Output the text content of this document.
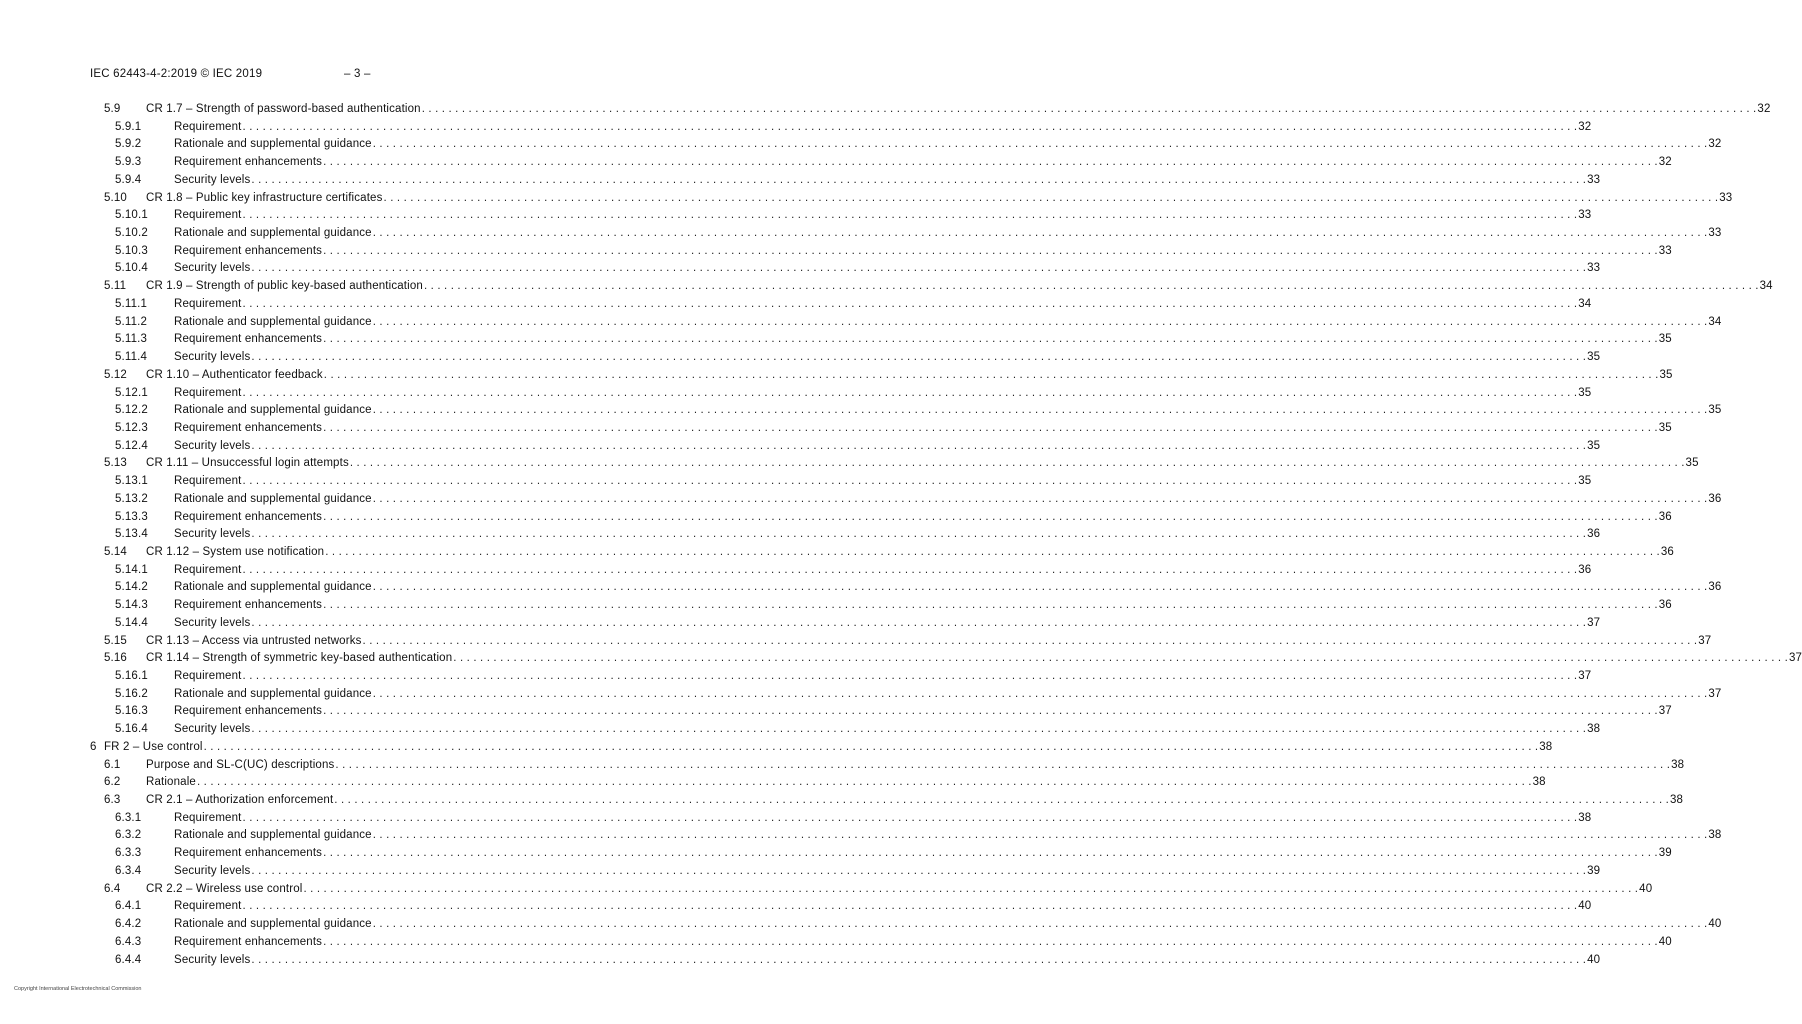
IEC 62443-4-2:2019 © IEC 2019	– 3 –
5.9 CR 1.7 – Strength of password-based authentication . . . . . . . . . . . . . . . . . . . . . . . . . . . . . . . . . . . . . . . . . . . . . . . . . . . . . . . . . . . . . . . . . . . . . . . . . . . . . . . . . . . . . . . . . . . . . . . . . . . . . . . . . . . . . . . . . . . . . . . . . . . . . . . . . . . . . . . . . . . . . . . . . . . . . . . . . . . . . . . . . . . . . . . . . . . . . . . . . . . . . . . . . . . . . . . . . . . . . . . . 32
5.9.1	Requirement . . . . . . . . . . . . . . . . . . . . . . . . . . . . . . . . . . . . . . . . . . . . . . . . . . . . . . . . . . . . . . . . . . . . . . . . . . . . . . . . . . . . . . . . . . . . . . . . . . . . . . . . . . . . . . . . . . . . . . . . . . . . . . . . . . . . . . . . . . . . . . . . . . . . . . . . . . . . . . . . . . . . . . . . . . . . . . . . . . . . . . . . . . . . . . . . . . . . . . . . 32
5.9.2	Rationale and supplemental guidance . . . . . . . . . . . . . . . . . . . . . . . . . . . . . . . . . . . . . . . . . . . . . . . . . . . . . . . . . . . . . . . . . . . . . . . . . . . . . . . . . . . . . . . . . . . . . . . . . . . . . . . . . . . . . . . . . . . . . . . . . . . . . . . . . . . . . . . . . . . . . . . . . . . . . . . . . . . . . . . . . . . . . . . . . . . . . . . . . . . . . . . . . . . . . . . . . . . . . . . . 32
5.9.3	Requirement enhancements . . . . . . . . . . . . . . . . . . . . . . . . . . . . . . . . . . . . . . . . . . . . . . . . . . . . . . . . . . . . . . . . . . . . . . . . . . . . . . . . . . . . . . . . . . . . . . . . . . . . . . . . . . . . . . . . . . . . . . . . . . . . . . . . . . . . . . . . . . . . . . . . . . . . . . . . . . . . . . . . . . . . . . . . . . . . . . . . . . . . . . . . . . . . . . . . . . . . . . . . 32
5.9.4	Security levels . . . . . . . . . . . . . . . . . . . . . . . . . . . . . . . . . . . . . . . . . . . . . . . . . . . . . . . . . . . . . . . . . . . . . . . . . . . . . . . . . . . . . . . . . . . . . . . . . . . . . . . . . . . . . . . . . . . . . . . . . . . . . . . . . . . . . . . . . . . . . . . . . . . . . . . . . . . . . . . . . . . . . . . . . . . . . . . . . . . . . . . . . . . . . . . . . . . . . . . . 33
5.10 CR 1.8 – Public key infrastructure certificates . . . . . . . . . . . . . . . . . . . . . . . . . . . . . . . . . . . . . . . . . . . . . . . . . . . . . . . . . . . . . . . . . . . . . . . . . . . . . . . . . . . . . . . . . . . . . . . . . . . . . . . . . . . . . . . . . . . . . . . . . . . . . . . . . . . . . . . . . . . . . . . . . . . . . . . . . . . . . . . . . . . . . . . . . . . . . . . . . . . . . . . . . . . . . . . . . . . . . . . . 33
5.10.1 Requirement . . . . . . . . . . . . . . . . . . . . . . . . . . . . . . . . . . . . . . . . . . . . . . . . . . . . . . . . . . . . . . . . . . . . . . . . . . . . . . . . . . . . . . . . . . . . . . . . . . . . . . . . . . . . . . . . . . . . . . . . . . . . . . . . . . . . . . . . . . . . . . . . . . . . . . . . . . . . . . . . . . . . . . . . . . . . . . . . . . . . . . . . . . . . . . . . . . . . . . . . 33
5.10.2 Rationale and supplemental guidance . . . . . . . . . . . . . . . . . . . . . . . . . . . . . . . . . . . . . . . . . . . . . . . . . . . . . . . . . . . . . . . . . . . . . . . . . . . . . . . . . . . . . . . . . . . . . . . . . . . . . . . . . . . . . . . . . . . . . . . . . . . . . . . . . . . . . . . . . . . . . . . . . . . . . . . . . . . . . . . . . . . . . . . . . . . . . . . . . . . . . . . . . . . . . . . . . . . . . . . . 33
5.10.3 Requirement enhancements . . . . . . . . . . . . . . . . . . . . . . . . . . . . . . . . . . . . . . . . . . . . . . . . . . . . . . . . . . . . . . . . . . . . . . . . . . . . . . . . . . . . . . . . . . . . . . . . . . . . . . . . . . . . . . . . . . . . . . . . . . . . . . . . . . . . . . . . . . . . . . . . . . . . . . . . . . . . . . . . . . . . . . . . . . . . . . . . . . . . . . . . . . . . . . . . . . . . . . . . 33
5.10.4 Security levels . . . . . . . . . . . . . . . . . . . . . . . . . . . . . . . . . . . . . . . . . . . . . . . . . . . . . . . . . . . . . . . . . . . . . . . . . . . . . . . . . . . . . . . . . . . . . . . . . . . . . . . . . . . . . . . . . . . . . . . . . . . . . . . . . . . . . . . . . . . . . . . . . . . . . . . . . . . . . . . . . . . . . . . . . . . . . . . . . . . . . . . . . . . . . . . . . . . . . . . . 33
5.11 CR 1.9 – Strength of public key-based authentication . . . . . . . . . . . . . . . . . . . . . . . . . . . . . . . . . . . . . . . . . . . . . . . . . . . . . . . . . . . . . . . . . . . . . . . . . . . . . . . . . . . . . . . . . . . . . . . . . . . . . . . . . . . . . . . . . . . . . . . . . . . . . . . . . . . . . . . . . . . . . . . . . . . . . . . . . . . . . . . . . . . . . . . . . . . . . . . . . . . . . . . . . . . . . . . . . . . . . . . . 34
5.11.1 Requirement . . . . . . . . . . . . . . . . . . . . . . . . . . . . . . . . . . . . . . . . . . . . . . . . . . . . . . . . . . . . . . . . . . . . . . . . . . . . . . . . . . . . . . . . . . . . . . . . . . . . . . . . . . . . . . . . . . . . . . . . . . . . . . . . . . . . . . . . . . . . . . . . . . . . . . . . . . . . . . . . . . . . . . . . . . . . . . . . . . . . . . . . . . . . . . . . . . . . . . . . 34
5.11.2 Rationale and supplemental guidance . . . . . . . . . . . . . . . . . . . . . . . . . . . . . . . . . . . . . . . . . . . . . . . . . . . . . . . . . . . . . . . . . . . . . . . . . . . . . . . . . . . . . . . . . . . . . . . . . . . . . . . . . . . . . . . . . . . . . . . . . . . . . . . . . . . . . . . . . . . . . . . . . . . . . . . . . . . . . . . . . . . . . . . . . . . . . . . . . . . . . . . . . . . . . . . . . . . . . . . . 34
5.11.3 Requirement enhancements . . . . . . . . . . . . . . . . . . . . . . . . . . . . . . . . . . . . . . . . . . . . . . . . . . . . . . . . . . . . . . . . . . . . . . . . . . . . . . . . . . . . . . . . . . . . . . . . . . . . . . . . . . . . . . . . . . . . . . . . . . . . . . . . . . . . . . . . . . . . . . . . . . . . . . . . . . . . . . . . . . . . . . . . . . . . . . . . . . . . . . . . . . . . . . . . . . . . . . . . 35
5.11.4 Security levels . . . . . . . . . . . . . . . . . . . . . . . . . . . . . . . . . . . . . . . . . . . . . . . . . . . . . . . . . . . . . . . . . . . . . . . . . . . . . . . . . . . . . . . . . . . . . . . . . . . . . . . . . . . . . . . . . . . . . . . . . . . . . . . . . . . . . . . . . . . . . . . . . . . . . . . . . . . . . . . . . . . . . . . . . . . . . . . . . . . . . . . . . . . . . . . . . . . . . . . . 35
5.12 CR 1.10 – Authenticator feedback . . . . . . . . . . . . . . . . . . . . . . . . . . . . . . . . . . . . . . . . . . . . . . . . . . . . . . . . . . . . . . . . . . . . . . . . . . . . . . . . . . . . . . . . . . . . . . . . . . . . . . . . . . . . . . . . . . . . . . . . . . . . . . . . . . . . . . . . . . . . . . . . . . . . . . . . . . . . . . . . . . . . . . . . . . . . . . . . . . . . . . . . . . . . . . . . . . . . . . . . 35
5.12.1 Requirement . . . . . . . . . . . . . . . . . . . . . . . . . . . . . . . . . . . . . . . . . . . . . . . . . . . . . . . . . . . . . . . . . . . . . . . . . . . . . . . . . . . . . . . . . . . . . . . . . . . . . . . . . . . . . . . . . . . . . . . . . . . . . . . . . . . . . . . . . . . . . . . . . . . . . . . . . . . . . . . . . . . . . . . . . . . . . . . . . . . . . . . . . . . . . . . . . . . . . . . . 35
5.12.2 Rationale and supplemental guidance . . . . . . . . . . . . . . . . . . . . . . . . . . . . . . . . . . . . . . . . . . . . . . . . . . . . . . . . . . . . . . . . . . . . . . . . . . . . . . . . . . . . . . . . . . . . . . . . . . . . . . . . . . . . . . . . . . . . . . . . . . . . . . . . . . . . . . . . . . . . . . . . . . . . . . . . . . . . . . . . . . . . . . . . . . . . . . . . . . . . . . . . . . . . . . . . . . . . . . . . 35
5.12.3 Requirement enhancements . . . . . . . . . . . . . . . . . . . . . . . . . . . . . . . . . . . . . . . . . . . . . . . . . . . . . . . . . . . . . . . . . . . . . . . . . . . . . . . . . . . . . . . . . . . . . . . . . . . . . . . . . . . . . . . . . . . . . . . . . . . . . . . . . . . . . . . . . . . . . . . . . . . . . . . . . . . . . . . . . . . . . . . . . . . . . . . . . . . . . . . . . . . . . . . . . . . . . . . . 35
5.12.4 Security levels . . . . . . . . . . . . . . . . . . . . . . . . . . . . . . . . . . . . . . . . . . . . . . . . . . . . . . . . . . . . . . . . . . . . . . . . . . . . . . . . . . . . . . . . . . . . . . . . . . . . . . . . . . . . . . . . . . . . . . . . . . . . . . . . . . . . . . . . . . . . . . . . . . . . . . . . . . . . . . . . . . . . . . . . . . . . . . . . . . . . . . . . . . . . . . . . . . . . . . . . 35
5.13 CR 1.11 – Unsuccessful login attempts . . . . . . . . . . . . . . . . . . . . . . . . . . . . . . . . . . . . . . . . . . . . . . . . . . . . . . . . . . . . . . . . . . . . . . . . . . . . . . . . . . . . . . . . . . . . . . . . . . . . . . . . . . . . . . . . . . . . . . . . . . . . . . . . . . . . . . . . . . . . . . . . . . . . . . . . . . . . . . . . . . . . . . . . . . . . . . . . . . . . . . . . . . . . . . . . . . . . . . . . 35
5.13.1 Requirement . . . . . . . . . . . . . . . . . . . . . . . . . . . . . . . . . . . . . . . . . . . . . . . . . . . . . . . . . . . . . . . . . . . . . . . . . . . . . . . . . . . . . . . . . . . . . . . . . . . . . . . . . . . . . . . . . . . . . . . . . . . . . . . . . . . . . . . . . . . . . . . . . . . . . . . . . . . . . . . . . . . . . . . . . . . . . . . . . . . . . . . . . . . . . . . . . . . . . . . . 35
5.13.2 Rationale and supplemental guidance . . . . . . . . . . . . . . . . . . . . . . . . . . . . . . . . . . . . . . . . . . . . . . . . . . . . . . . . . . . . . . . . . . . . . . . . . . . . . . . . . . . . . . . . . . . . . . . . . . . . . . . . . . . . . . . . . . . . . . . . . . . . . . . . . . . . . . . . . . . . . . . . . . . . . . . . . . . . . . . . . . . . . . . . . . . . . . . . . . . . . . . . . . . . . . . . . . . . . . . . 36
5.13.3 Requirement enhancements . . . . . . . . . . . . . . . . . . . . . . . . . . . . . . . . . . . . . . . . . . . . . . . . . . . . . . . . . . . . . . . . . . . . . . . . . . . . . . . . . . . . . . . . . . . . . . . . . . . . . . . . . . . . . . . . . . . . . . . . . . . . . . . . . . . . . . . . . . . . . . . . . . . . . . . . . . . . . . . . . . . . . . . . . . . . . . . . . . . . . . . . . . . . . . . . . . . . . . . . 36
5.13.4 Security levels . . . . . . . . . . . . . . . . . . . . . . . . . . . . . . . . . . . . . . . . . . . . . . . . . . . . . . . . . . . . . . . . . . . . . . . . . . . . . . . . . . . . . . . . . . . . . . . . . . . . . . . . . . . . . . . . . . . . . . . . . . . . . . . . . . . . . . . . . . . . . . . . . . . . . . . . . . . . . . . . . . . . . . . . . . . . . . . . . . . . . . . . . . . . . . . . . . . . . . . . 36
5.14 CR 1.12 – System use notification . . . . . . . . . . . . . . . . . . . . . . . . . . . . . . . . . . . . . . . . . . . . . . . . . . . . . . . . . . . . . . . . . . . . . . . . . . . . . . . . . . . . . . . . . . . . . . . . . . . . . . . . . . . . . . . . . . . . . . . . . . . . . . . . . . . . . . . . . . . . . . . . . . . . . . . . . . . . . . . . . . . . . . . . . . . . . . . . . . . . . . . . . . . . . . . . . . . . . . . . 36
5.14.1 Requirement . . . . . . . . . . . . . . . . . . . . . . . . . . . . . . . . . . . . . . . . . . . . . . . . . . . . . . . . . . . . . . . . . . . . . . . . . . . . . . . . . . . . . . . . . . . . . . . . . . . . . . . . . . . . . . . . . . . . . . . . . . . . . . . . . . . . . . . . . . . . . . . . . . . . . . . . . . . . . . . . . . . . . . . . . . . . . . . . . . . . . . . . . . . . . . . . . . . . . . . . 36
5.14.2 Rationale and supplemental guidance . . . . . . . . . . . . . . . . . . . . . . . . . . . . . . . . . . . . . . . . . . . . . . . . . . . . . . . . . . . . . . . . . . . . . . . . . . . . . . . . . . . . . . . . . . . . . . . . . . . . . . . . . . . . . . . . . . . . . . . . . . . . . . . . . . . . . . . . . . . . . . . . . . . . . . . . . . . . . . . . . . . . . . . . . . . . . . . . . . . . . . . . . . . . . . . . . . . . . . . . 36
5.14.3 Requirement enhancements . . . . . . . . . . . . . . . . . . . . . . . . . . . . . . . . . . . . . . . . . . . . . . . . . . . . . . . . . . . . . . . . . . . . . . . . . . . . . . . . . . . . . . . . . . . . . . . . . . . . . . . . . . . . . . . . . . . . . . . . . . . . . . . . . . . . . . . . . . . . . . . . . . . . . . . . . . . . . . . . . . . . . . . . . . . . . . . . . . . . . . . . . . . . . . . . . . . . . . . . 36
5.14.4 Security levels . . . . . . . . . . . . . . . . . . . . . . . . . . . . . . . . . . . . . . . . . . . . . . . . . . . . . . . . . . . . . . . . . . . . . . . . . . . . . . . . . . . . . . . . . . . . . . . . . . . . . . . . . . . . . . . . . . . . . . . . . . . . . . . . . . . . . . . . . . . . . . . . . . . . . . . . . . . . . . . . . . . . . . . . . . . . . . . . . . . . . . . . . . . . . . . . . . . . . . . . 37
5.15 CR 1.13 – Access via untrusted networks . . . . . . . . . . . . . . . . . . . . . . . . . . . . . . . . . . . . . . . . . . . . . . . . . . . . . . . . . . . . . . . . . . . . . . . . . . . . . . . . . . . . . . . . . . . . . . . . . . . . . . . . . . . . . . . . . . . . . . . . . . . . . . . . . . . . . . . . . . . . . . . . . . . . . . . . . . . . . . . . . . . . . . . . . . . . . . . . . . . . . . . . . . . . . . . . . . . . . . . . 37
5.16 CR 1.14 – Strength of symmetric key-based authentication . . . . . . . . . . . . . . . . . . . . . . . . . . . . . . . . . . . . . . . . . . . . . . . . . . . . . . . . . . . . . . . . . . . . . . . . . . . . . . . . . . . . . . . . . . . . . . . . . . . . . . . . . . . . . . . . . . . . . . . . . . . . . . . . . . . . . . . . . . . . . . . . . . . . . . . . . . . . . . . . . . . . . . . . . . . . . . . . . . . . . . . . . . . . . . . . . . . . . . . . 37
5.16.1 Requirement . . . . . . . . . . . . . . . . . . . . . . . . . . . . . . . . . . . . . . . . . . . . . . . . . . . . . . . . . . . . . . . . . . . . . . . . . . . . . . . . . . . . . . . . . . . . . . . . . . . . . . . . . . . . . . . . . . . . . . . . . . . . . . . . . . . . . . . . . . . . . . . . . . . . . . . . . . . . . . . . . . . . . . . . . . . . . . . . . . . . . . . . . . . . . . . . . . . . . . . . 37
5.16.2 Rationale and supplemental guidance . . . . . . . . . . . . . . . . . . . . . . . . . . . . . . . . . . . . . . . . . . . . . . . . . . . . . . . . . . . . . . . . . . . . . . . . . . . . . . . . . . . . . . . . . . . . . . . . . . . . . . . . . . . . . . . . . . . . . . . . . . . . . . . . . . . . . . . . . . . . . . . . . . . . . . . . . . . . . . . . . . . . . . . . . . . . . . . . . . . . . . . . . . . . . . . . . . . . . . . . 37
5.16.3 Requirement enhancements . . . . . . . . . . . . . . . . . . . . . . . . . . . . . . . . . . . . . . . . . . . . . . . . . . . . . . . . . . . . . . . . . . . . . . . . . . . . . . . . . . . . . . . . . . . . . . . . . . . . . . . . . . . . . . . . . . . . . . . . . . . . . . . . . . . . . . . . . . . . . . . . . . . . . . . . . . . . . . . . . . . . . . . . . . . . . . . . . . . . . . . . . . . . . . . . . . . . . . . . 37
5.16.4 Security levels . . . . . . . . . . . . . . . . . . . . . . . . . . . . . . . . . . . . . . . . . . . . . . . . . . . . . . . . . . . . . . . . . . . . . . . . . . . . . . . . . . . . . . . . . . . . . . . . . . . . . . . . . . . . . . . . . . . . . . . . . . . . . . . . . . . . . . . . . . . . . . . . . . . . . . . . . . . . . . . . . . . . . . . . . . . . . . . . . . . . . . . . . . . . . . . . . . . . . . . . 38
6 FR 2 – Use control . . . . . . . . . . . . . . . . . . . . . . . . . . . . . . . . . . . . . . . . . . . . . . . . . . . . . . . . . . . . . . . . . . . . . . . . . . . . . . . . . . . . . . . . . . . . . . . . . . . . . . . . . . . . . . . . . . . . . . . . . . . . . . . . . . . . . . . . . . . . . . . . . . . . . . . . . . . . . . . . . . . . . . . . . . . . . . . . . . . . . . . . . . . . . . . . . . . . . . . . 38
6.1 Purpose and SL-C(UC) descriptions . . . . . . . . . . . . . . . . . . . . . . . . . . . . . . . . . . . . . . . . . . . . . . . . . . . . . . . . . . . . . . . . . . . . . . . . . . . . . . . . . . . . . . . . . . . . . . . . . . . . . . . . . . . . . . . . . . . . . . . . . . . . . . . . . . . . . . . . . . . . . . . . . . . . . . . . . . . . . . . . . . . . . . . . . . . . . . . . . . . . . . . . . . . . . . . . . . . . . . . . 38
6.2 Rationale . . . . . . . . . . . . . . . . . . . . . . . . . . . . . . . . . . . . . . . . . . . . . . . . . . . . . . . . . . . . . . . . . . . . . . . . . . . . . . . . . . . . . . . . . . . . . . . . . . . . . . . . . . . . . . . . . . . . . . . . . . . . . . . . . . . . . . . . . . . . . . . . . . . . . . . . . . . . . . . . . . . . . . . . . . . . . . . . . . . . . . . . . . . . . . . . . . . . . . . . 38
6.3 CR 2.1 – Authorization enforcement . . . . . . . . . . . . . . . . . . . . . . . . . . . . . . . . . . . . . . . . . . . . . . . . . . . . . . . . . . . . . . . . . . . . . . . . . . . . . . . . . . . . . . . . . . . . . . . . . . . . . . . . . . . . . . . . . . . . . . . . . . . . . . . . . . . . . . . . . . . . . . . . . . . . . . . . . . . . . . . . . . . . . . . . . . . . . . . . . . . . . . . . . . . . . . . . . . . . . . . . 38
6.3.1	Requirement . . . . . . . . . . . . . . . . . . . . . . . . . . . . . . . . . . . . . . . . . . . . . . . . . . . . . . . . . . . . . . . . . . . . . . . . . . . . . . . . . . . . . . . . . . . . . . . . . . . . . . . . . . . . . . . . . . . . . . . . . . . . . . . . . . . . . . . . . . . . . . . . . . . . . . . . . . . . . . . . . . . . . . . . . . . . . . . . . . . . . . . . . . . . . . . . . . . . . . . . 38
6.3.2	Rationale and supplemental guidance . . . . . . . . . . . . . . . . . . . . . . . . . . . . . . . . . . . . . . . . . . . . . . . . . . . . . . . . . . . . . . . . . . . . . . . . . . . . . . . . . . . . . . . . . . . . . . . . . . . . . . . . . . . . . . . . . . . . . . . . . . . . . . . . . . . . . . . . . . . . . . . . . . . . . . . . . . . . . . . . . . . . . . . . . . . . . . . . . . . . . . . . . . . . . . . . . . . . . . . . 38
6.3.3	Requirement enhancements . . . . . . . . . . . . . . . . . . . . . . . . . . . . . . . . . . . . . . . . . . . . . . . . . . . . . . . . . . . . . . . . . . . . . . . . . . . . . . . . . . . . . . . . . . . . . . . . . . . . . . . . . . . . . . . . . . . . . . . . . . . . . . . . . . . . . . . . . . . . . . . . . . . . . . . . . . . . . . . . . . . . . . . . . . . . . . . . . . . . . . . . . . . . . . . . . . . . . . . . 39
6.3.4	Security levels . . . . . . . . . . . . . . . . . . . . . . . . . . . . . . . . . . . . . . . . . . . . . . . . . . . . . . . . . . . . . . . . . . . . . . . . . . . . . . . . . . . . . . . . . . . . . . . . . . . . . . . . . . . . . . . . . . . . . . . . . . . . . . . . . . . . . . . . . . . . . . . . . . . . . . . . . . . . . . . . . . . . . . . . . . . . . . . . . . . . . . . . . . . . . . . . . . . . . . . . 39
6.4 CR 2.2 – Wireless use control . . . . . . . . . . . . . . . . . . . . . . . . . . . . . . . . . . . . . . . . . . . . . . . . . . . . . . . . . . . . . . . . . . . . . . . . . . . . . . . . . . . . . . . . . . . . . . . . . . . . . . . . . . . . . . . . . . . . . . . . . . . . . . . . . . . . . . . . . . . . . . . . . . . . . . . . . . . . . . . . . . . . . . . . . . . . . . . . . . . . . . . . . . . . . . . . . . . . . . . . 40
6.4.1	Requirement . . . . . . . . . . . . . . . . . . . . . . . . . . . . . . . . . . . . . . . . . . . . . . . . . . . . . . . . . . . . . . . . . . . . . . . . . . . . . . . . . . . . . . . . . . . . . . . . . . . . . . . . . . . . . . . . . . . . . . . . . . . . . . . . . . . . . . . . . . . . . . . . . . . . . . . . . . . . . . . . . . . . . . . . . . . . . . . . . . . . . . . . . . . . . . . . . . . . . . . . 40
6.4.2	Rationale and supplemental guidance . . . . . . . . . . . . . . . . . . . . . . . . . . . . . . . . . . . . . . . . . . . . . . . . . . . . . . . . . . . . . . . . . . . . . . . . . . . . . . . . . . . . . . . . . . . . . . . . . . . . . . . . . . . . . . . . . . . . . . . . . . . . . . . . . . . . . . . . . . . . . . . . . . . . . . . . . . . . . . . . . . . . . . . . . . . . . . . . . . . . . . . . . . . . . . . . . . . . . . . . 40
6.4.3	Requirement enhancements . . . . . . . . . . . . . . . . . . . . . . . . . . . . . . . . . . . . . . . . . . . . . . . . . . . . . . . . . . . . . . . . . . . . . . . . . . . . . . . . . . . . . . . . . . . . . . . . . . . . . . . . . . . . . . . . . . . . . . . . . . . . . . . . . . . . . . . . . . . . . . . . . . . . . . . . . . . . . . . . . . . . . . . . . . . . . . . . . . . . . . . . . . . . . . . . . . . . . . . . 40
6.4.4	Security levels . . . . . . . . . . . . . . . . . . . . . . . . . . . . . . . . . . . . . . . . . . . . . . . . . . . . . . . . . . . . . . . . . . . . . . . . . . . . . . . . . . . . . . . . . . . . . . . . . . . . . . . . . . . . . . . . . . . . . . . . . . . . . . . . . . . . . . . . . . . . . . . . . . . . . . . . . . . . . . . . . . . . . . . . . . . . . . . . . . . . . . . . . . . . . . . . . . . . . . . . 40
Copyright International Electrotechnical Commission
